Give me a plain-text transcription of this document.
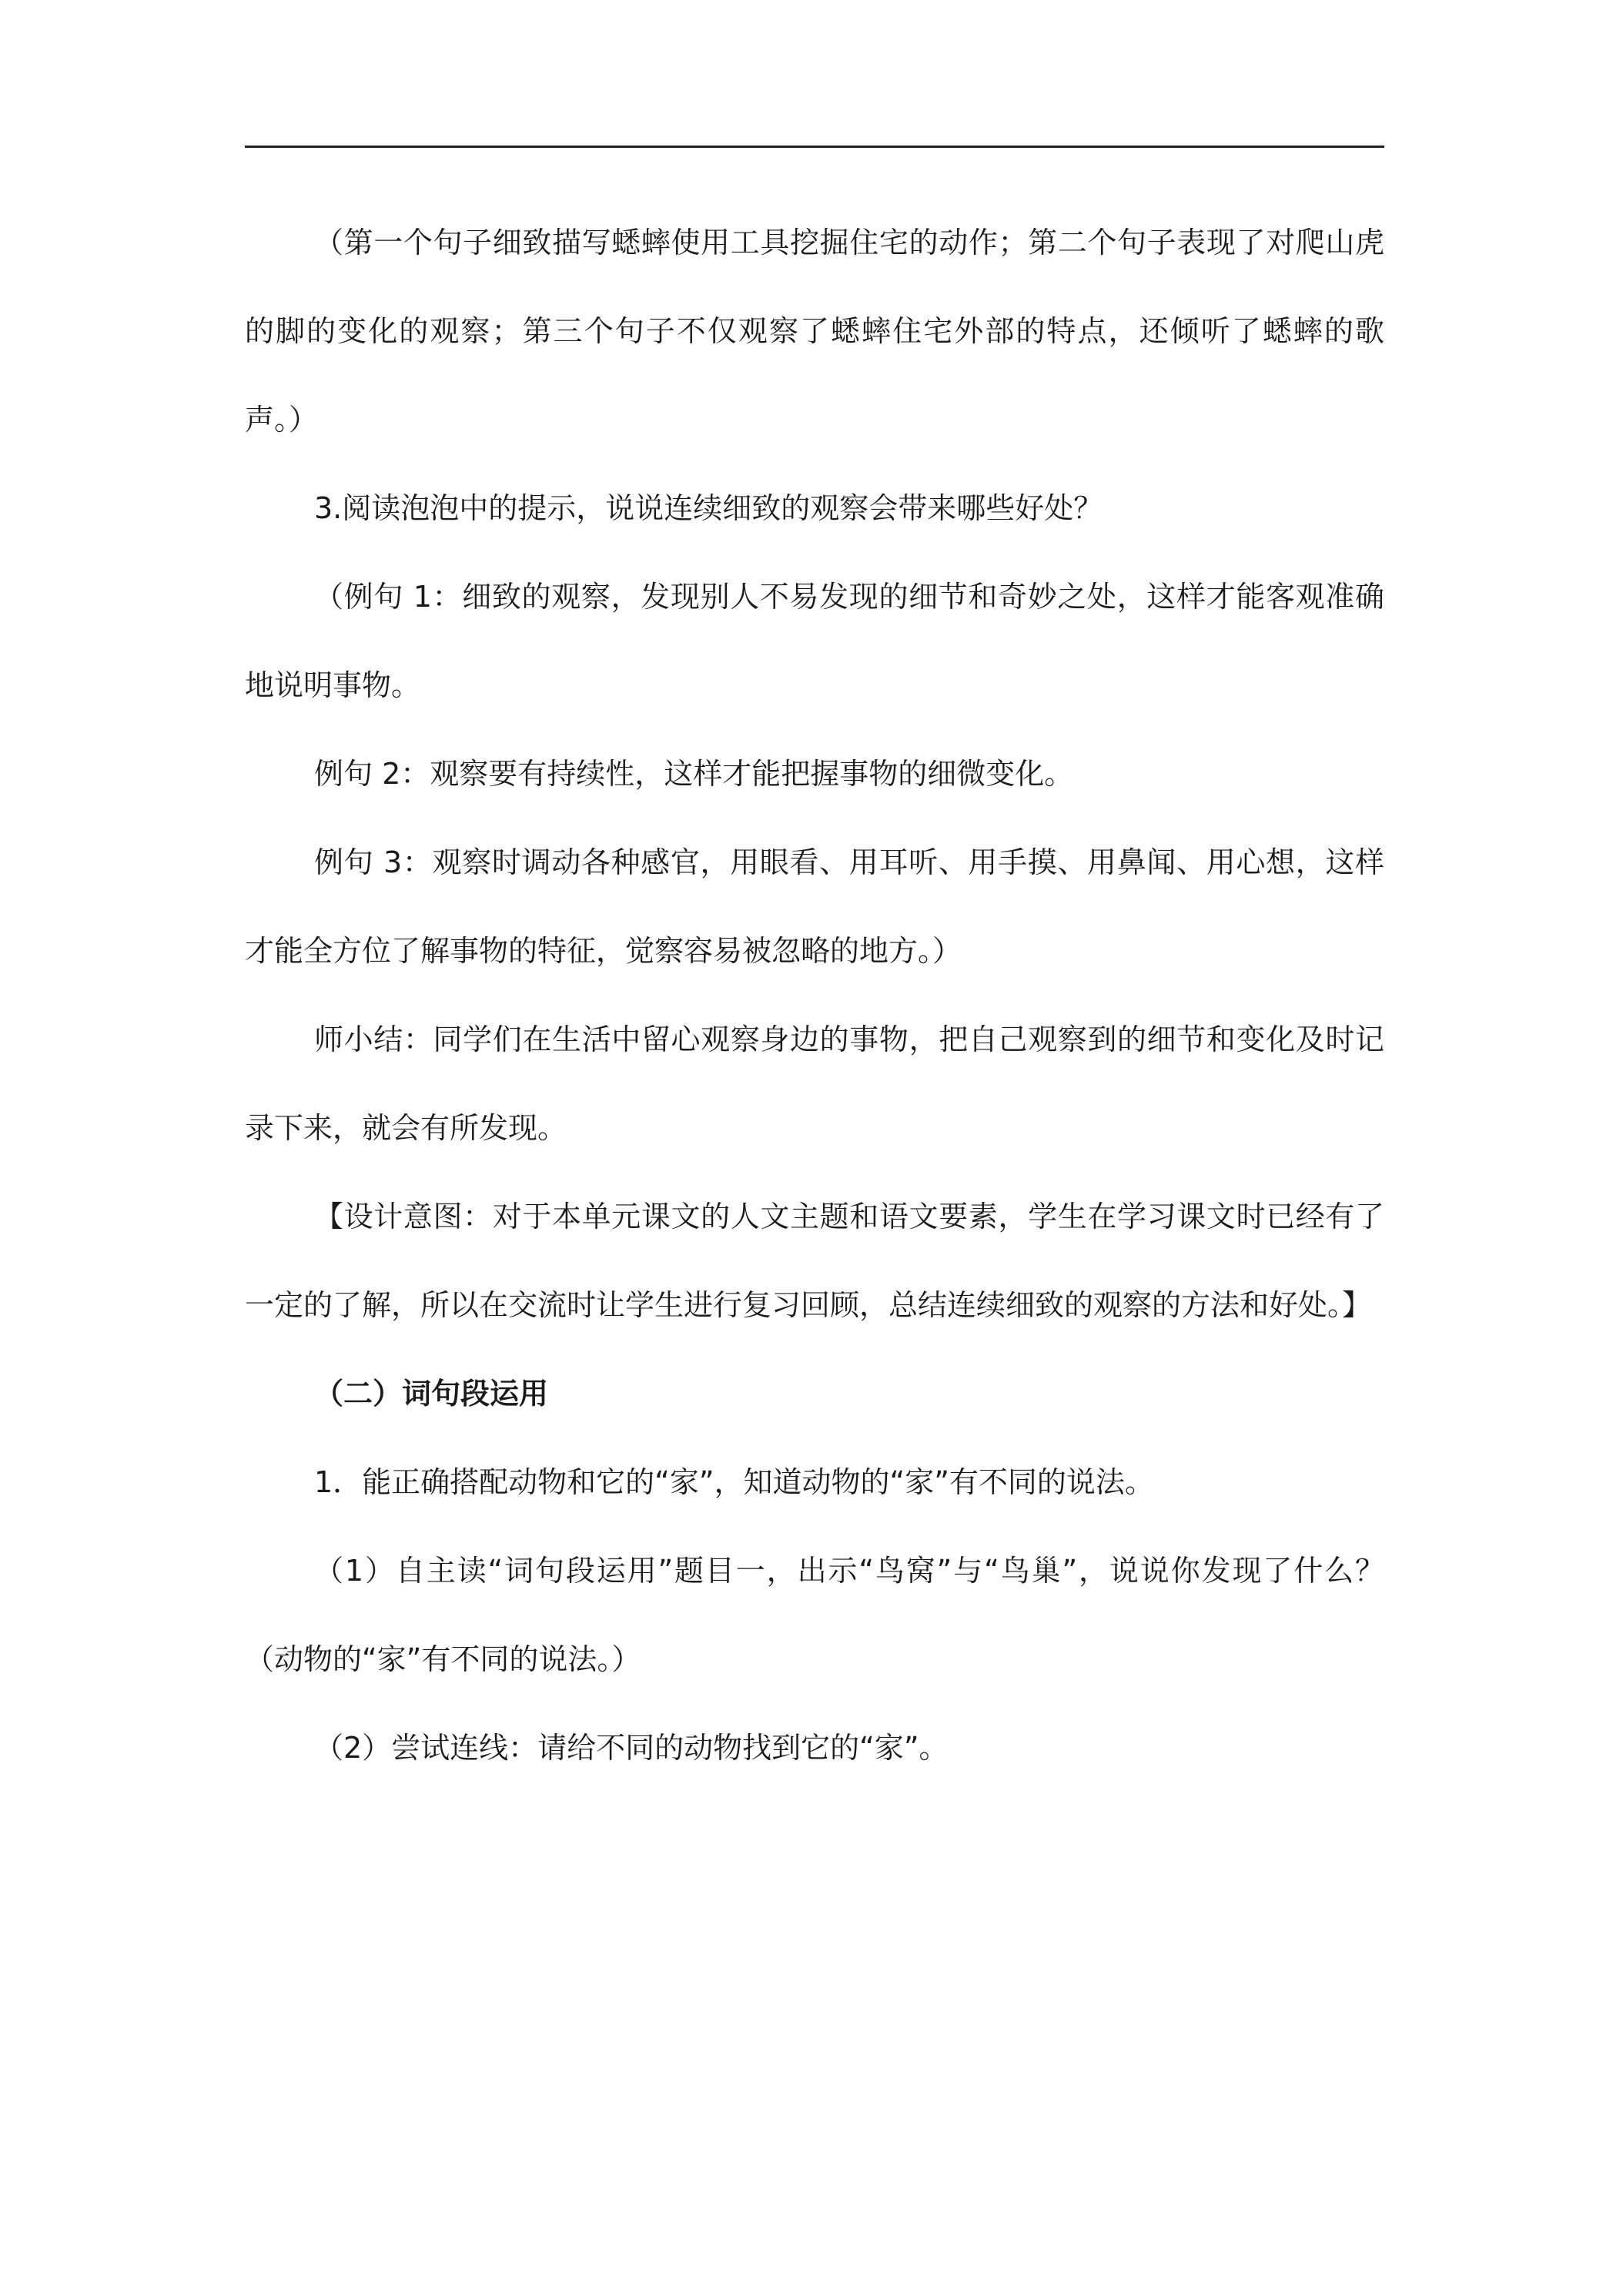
（第一个句子细致描写蟋蟀使用工具挖掘住宅的动作；第二个句子表现了对爬山虎的脚的变化的观察；第三个句子不仅观察了蟋蟀住宅外部的特点，还倾听了蟋蟀的歌声。）

3.阅读泡泡中的提示，说说连续细致的观察会带来哪些好处？

（例句 1：细致的观察，发现别人不易发现的细节和奇妙之处，这样才能客观准确地说明事物。

例句 2：观察要有持续性，这样才能把握事物的细微变化。

例句 3：观察时调动各种感官，用眼看、用耳听、用手摸、用鼻闻、用心想，这样才能全方位了解事物的特征，觉察容易被忽略的地方。）

师小结：同学们在生活中留心观察身边的事物，把自己观察到的细节和变化及时记录下来，就会有所发现。

【设计意图：对于本单元课文的人文主题和语文要素，学生在学习课文时已经有了一定的了解，所以在交流时让学生进行复习回顾，总结连续细致的观察的方法和好处。】

（二）词句段运用

1．能正确搭配动物和它的“家”，知道动物的“家”有不同的说法。

（1）自主读“词句段运用”题目一，出示“鸟窝”与“鸟巢”，说说你发现了什么？（动物的“家”有不同的说法。）

（2）尝试连线：请给不同的动物找到它的“家”。
